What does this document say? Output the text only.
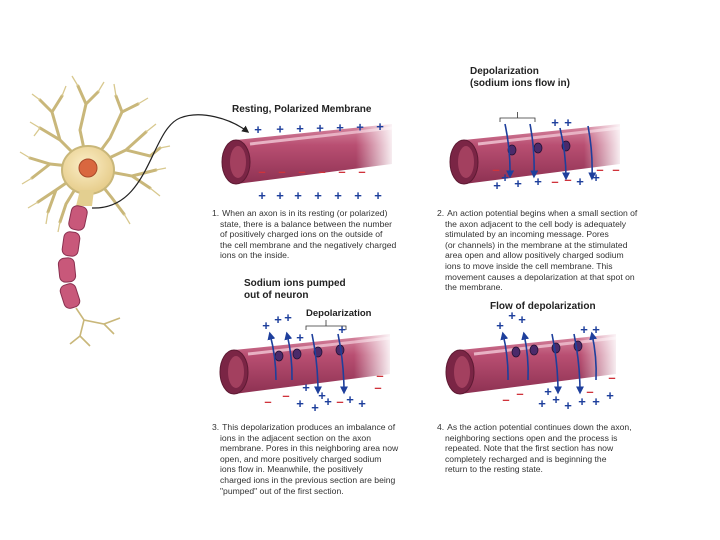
+ + + + + + +
– – – – – –
+ + + + + + +
+ +
+ +
+	+	+ +
– –
– –
–
+ + +
+
+
+ + + +
+
+
+
– –	–
–
–
+
+ +
+ +
+ + + + + +
+
– –	–
–
Resting, Polarized Membrane
1. When an axon is in its resting (or polarized)
state, there is a balance between the number
of positively charged ions on the outside of
the cell membrane and the negatively charged
ions on the inside.
Depolarization
(sodium ions flow in)
2. An action potential begins when a small section of
the axon adjacent to the cell body is adequately
stimulated by an incoming message. Pores
(or channels) in the membrane at the stimulated
area open and allow positively charged sodium
ions to move inside the cell membrane. This
movement causes a depolarization at that spot on
the membrane.
Sodium ions pumped
out of neuron
Depolarization
3. This depolarization produces an imbalance of
ions in the adjacent section on the axon
membrane. Pores in this neighboring area now
open, and more positively charged sodium
ions flow in. Meanwhile, the positively
charged ions in the previous section are being
"pumped" out of the first section.
Flow of depolarization
4. As the action potential continues down the axon,
neighboring sections open and the process is
repeated. Note that the first section has now
completely recharged and is beginning the
return to the resting state.
